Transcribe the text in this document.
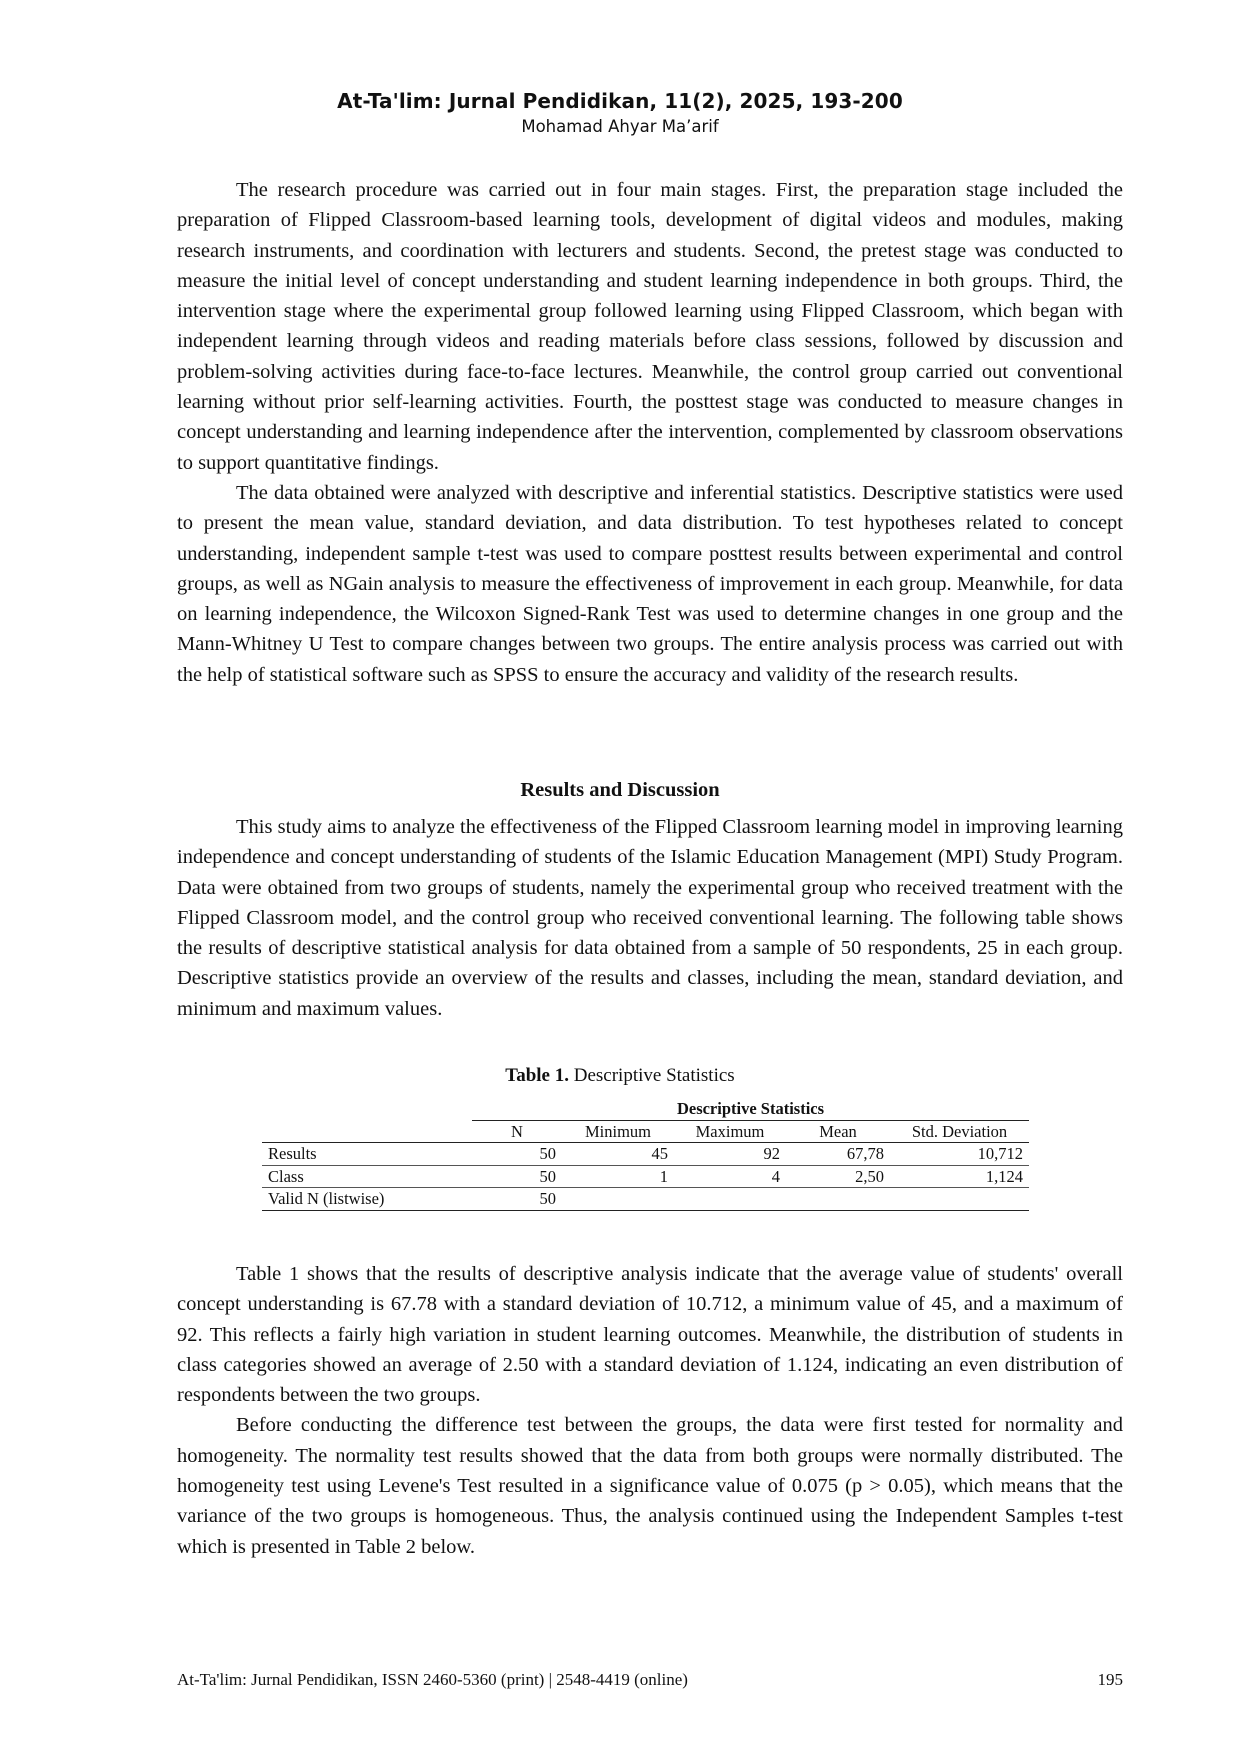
At-Ta'lim: Jurnal Pendidikan, 11(2), 2025, 193-200
Mohamad Ahyar Ma’arif

The research procedure was carried out in four main stages. First, the preparation stage included the preparation of Flipped Classroom-based learning tools, development of digital videos and modules, making research instruments, and coordination with lecturers and students. Second, the pretest stage was conducted to measure the initial level of concept understanding and student learning independence in both groups. Third, the intervention stage where the experimental group followed learning using Flipped Classroom, which began with independent learning through videos and reading materials before class sessions, followed by discussion and problem-solving activities during face-to-face lectures. Meanwhile, the control group carried out conventional learning without prior self-learning activities. Fourth, the posttest stage was conducted to measure changes in concept understanding and learning independence after the intervention, complemented by classroom observations to support quantitative findings.

The data obtained were analyzed with descriptive and inferential statistics. Descriptive statistics were used to present the mean value, standard deviation, and data distribution. To test hypotheses related to concept understanding, independent sample t-test was used to compare posttest results between experimental and control groups, as well as NGain analysis to measure the effectiveness of improvement in each group. Meanwhile, for data on learning independence, the Wilcoxon Signed-Rank Test was used to determine changes in one group and the Mann-Whitney U Test to compare changes between two groups. The entire analysis process was carried out with the help of statistical software such as SPSS to ensure the accuracy and validity of the research results.

Results and Discussion

This study aims to analyze the effectiveness of the Flipped Classroom learning model in improving learning independence and concept understanding of students of the Islamic Education Management (MPI) Study Program. Data were obtained from two groups of students, namely the experimental group who received treatment with the Flipped Classroom model, and the control group who received conventional learning. The following table shows the results of descriptive statistical analysis for data obtained from a sample of 50 respondents, 25 in each group. Descriptive statistics provide an overview of the results and classes, including the mean, standard deviation, and minimum and maximum values.

Table 1. Descriptive Statistics
	Descriptive Statistics				
	N	Minimum	Maximum	Mean	Std. Deviation
Results	50	45	92	67,78	10,712
Class	50	1	4	2,50	1,124
Valid N (listwise)	50				

Table 1 shows that the results of descriptive analysis indicate that the average value of students' overall concept understanding is 67.78 with a standard deviation of 10.712, a minimum value of 45, and a maximum of 92. This reflects a fairly high variation in student learning outcomes. Meanwhile, the distribution of students in class categories showed an average of 2.50 with a standard deviation of 1.124, indicating an even distribution of respondents between the two groups.

Before conducting the difference test between the groups, the data were first tested for normality and homogeneity. The normality test results showed that the data from both groups were normally distributed. The homogeneity test using Levene's Test resulted in a significance value of 0.075 (p > 0.05), which means that the variance of the two groups is homogeneous. Thus, the analysis continued using the Independent Samples t-test which is presented in Table 2 below.

At-Ta'lim: Jurnal Pendidikan, ISSN 2460-5360 (print) | 2548-4419 (online)	195
